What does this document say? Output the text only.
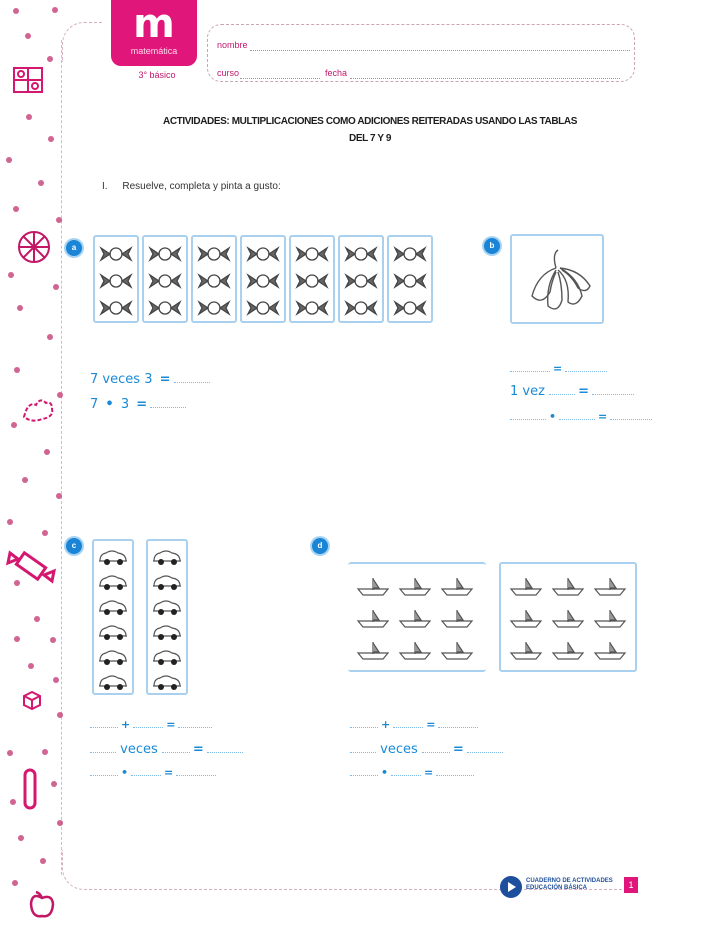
m
matemática
3° básico
nombre
curso	fecha
ACTIVIDADES: MULTIPLICACIONES COMO ADICIONES REITERADAS USANDO LAS TABLAS
DEL 7 Y 9
I. Resuelve, completa y pinta a gusto:
a
7 veces 3 =
7 • 3 =
b
=
1 vez	=
•	=
c
+	=
veces	=
•	=
d
+	=
veces	=
•	=
CUADERNO DE ACTIVIDADES
EDUCACIÓN BÁSICA	1
